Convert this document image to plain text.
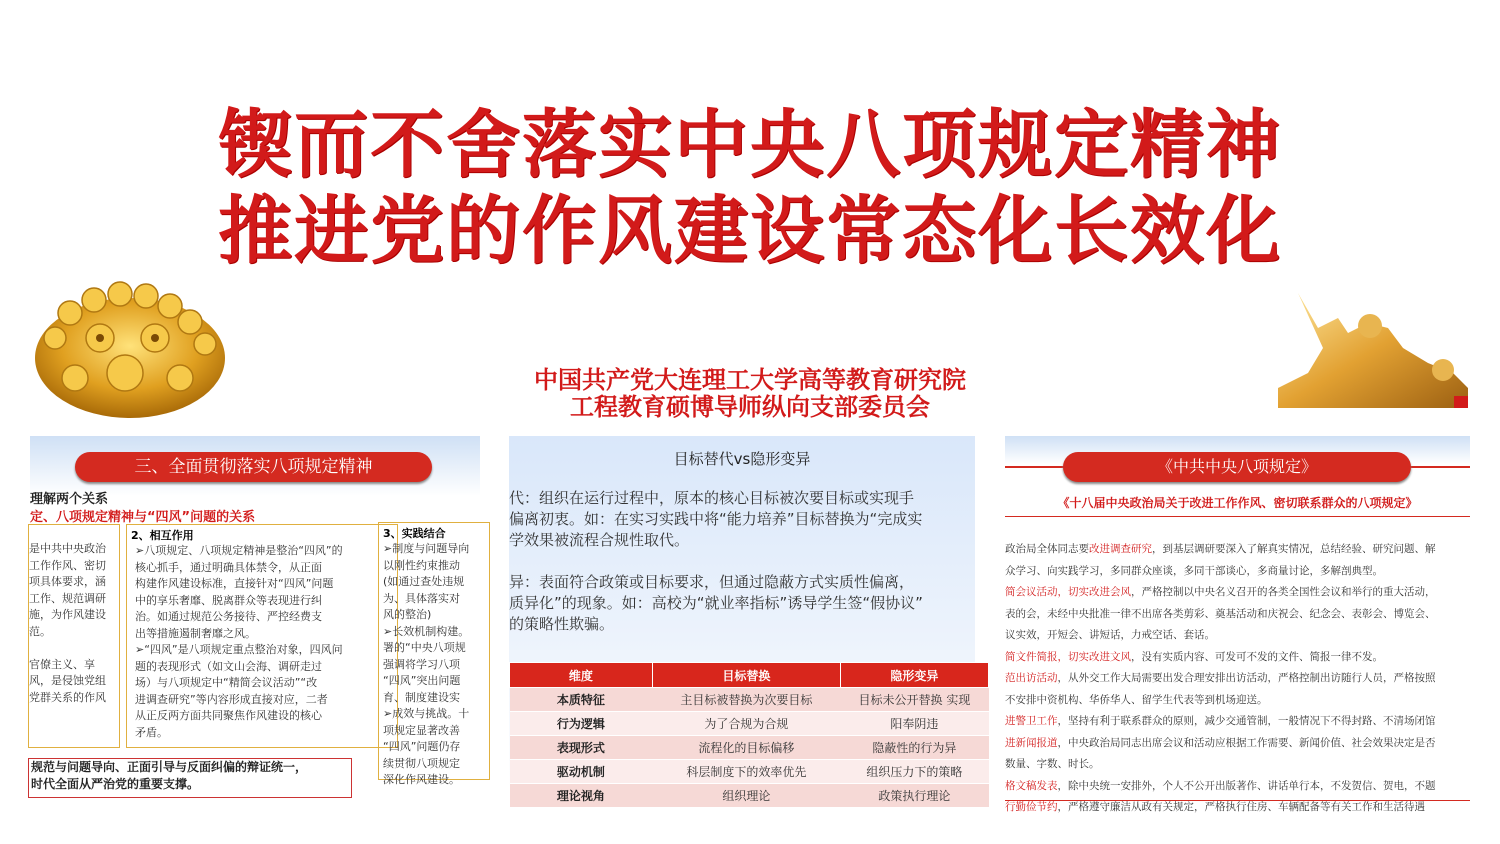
锲而不舍落实中央八项规定精神
推进党的作风建设常态化长效化
中国共产党大连理工大学高等教育研究院
工程教育硕博导师纵向支部委员会
三、全面贯彻落实八项规定精神
理解两个关系
定、八项规定精神与“四风”问题的关系
是中共中央政治
工作作风、密切
项具体要求，涵
工作、规范调研
施，为作风建设
范。
官僚主义、享
风，是侵蚀党组
党群关系的作风
2、相互作用
➢八项规定、八项规定精神是整治“四风”的
核心抓手，通过明确具体禁令，从正面
构建作风建设标准，直接针对“四风”问题
中的享乐奢靡、脱离群众等表现进行纠
治。如通过规范公务接待、严控经费支
出等措施遏制奢靡之风。
➢“四风”是八项规定重点整治对象，四风问
题的表现形式（如文山会海、调研走过
场）与八项规定中“精简会议活动”“改
进调查研究”等内容形成直接对应，二者
从正反两方面共同聚焦作风建设的核心
矛盾。
3、实践结合
➢制度与问题导向
以刚性约束推动
(如通过查处违规
为、具体落实对
风的整治)
➢长效机制构建。
署的“中央八项规
强调将学习八项
“四风”突出问题
育、制度建设实
➢成效与挑战。十
项规定显著改善
“四风”问题仍存
续贯彻八项规定
深化作风建设。
规范与问题导向、正面引导与反面纠偏的辩证统一，
时代全面从严治党的重要支撑。
目标替代vs隐形变异
代：组织在运行过程中，原本的核心目标被次要目标或实现手
偏离初衷。如：在实习实践中将“能力培养”目标替换为“完成实
学效果被流程合规性取代。
异：表面符合政策或目标要求，但通过隐蔽方式实质性偏离，
质异化”的现象。如：高校为“就业率指标”诱导学生签“假协议”
的策略性欺骗。
维度	目标替换	隐形变异
本质特征	主目标被替换为次要目标	目标未公开替换 实现
行为逻辑	为了合规为合规	阳奉阴违
表现形式	流程化的目标偏移	隐蔽性的行为异
驱动机制	科层制度下的效率优先	组织压力下的策略
理论视角	组织理论	政策执行理论
《中共中央八项规定》
《十八届中央政治局关于改进工作作风、密切联系群众的八项规定》
政治局全体同志要改进调查研究，到基层调研要深入了解真实情况，总结经验、研究问题、解
众学习、向实践学习，多同群众座谈，多同干部谈心，多商量讨论，多解剖典型。
简会议活动，切实改进会风，严格控制以中央名义召开的各类全国性会议和举行的重大活动，
表的会，未经中央批准一律不出席各类剪彩、奠基活动和庆祝会、纪念会、表彰会、博览会、
议实效，开短会、讲短话，力戒空话、套话。
简文件简报，切实改进文风，没有实质内容、可发可不发的文件、简报一律不发。
范出访活动，从外交工作大局需要出发合理安排出访活动，严格控制出访随行人员，严格按照
不安排中资机构、华侨华人、留学生代表等到机场迎送。
进警卫工作，坚持有利于联系群众的原则，减少交通管制，一般情况下不得封路、不清场闭馆
进新闻报道，中央政治局同志出席会议和活动应根据工作需要、新闻价值、社会效果决定是否
数量、字数、时长。
格文稿发表，除中央统一安排外，个人不公开出版著作、讲话单行本，不发贺信、贺电，不题
行勤俭节约，严格遵守廉洁从政有关规定，严格执行住房、车辆配备等有关工作和生活待遇
